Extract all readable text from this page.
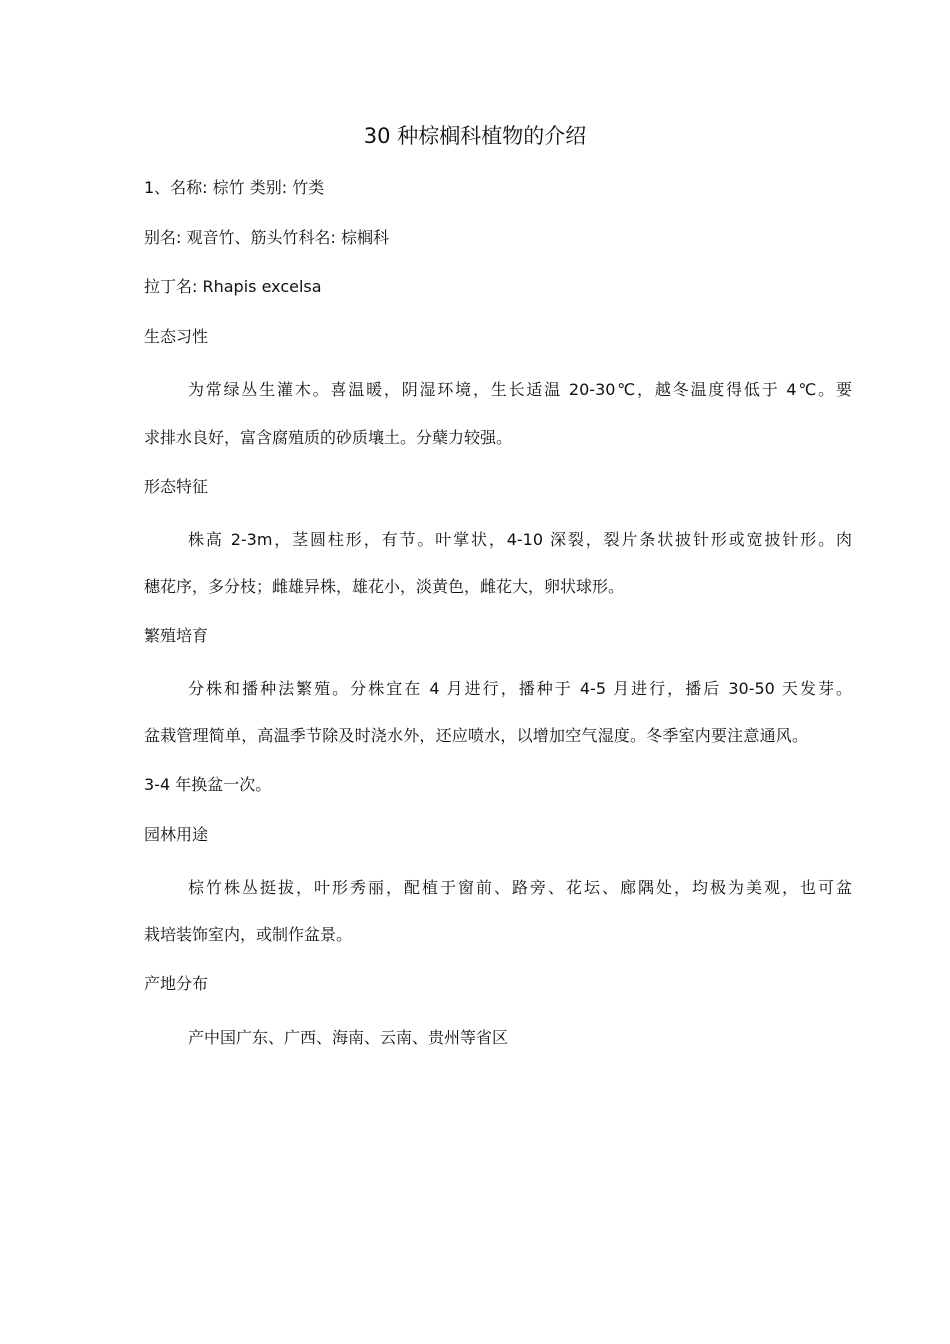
30 种棕榈科植物的介绍
1、名称: 棕竹 类别: 竹类
别名: 观音竹、筋头竹科名: 棕榈科
拉丁名: Rhapis excelsa
生态习性
为常绿丛生灌木。喜温暖，阴湿环境，生长适温 20-30℃，越冬温度得低于 4℃。要
求排水良好，富含腐殖质的砂质壤土。分蘖力较强。
形态特征
株高 2-3m，茎圆柱形，有节。叶掌状，4-10 深裂，裂片条状披针形或宽披针形。肉
穗花序，多分枝；雌雄异株，雄花小，淡黄色，雌花大，卵状球形。
繁殖培育
分株和播种法繁殖。分株宜在 4 月进行，播种于 4-5 月进行，播后 30-50 天发芽。
盆栽管理简单，高温季节除及时浇水外，还应喷水，以增加空气湿度。冬季室内要注意通风。
3-4 年换盆一次。
园林用途
棕竹株丛挺拔，叶形秀丽，配植于窗前、路旁、花坛、廊隅处，均极为美观，也可盆
栽培装饰室内，或制作盆景。
产地分布
产中国广东、广西、海南、云南、贵州等省区
